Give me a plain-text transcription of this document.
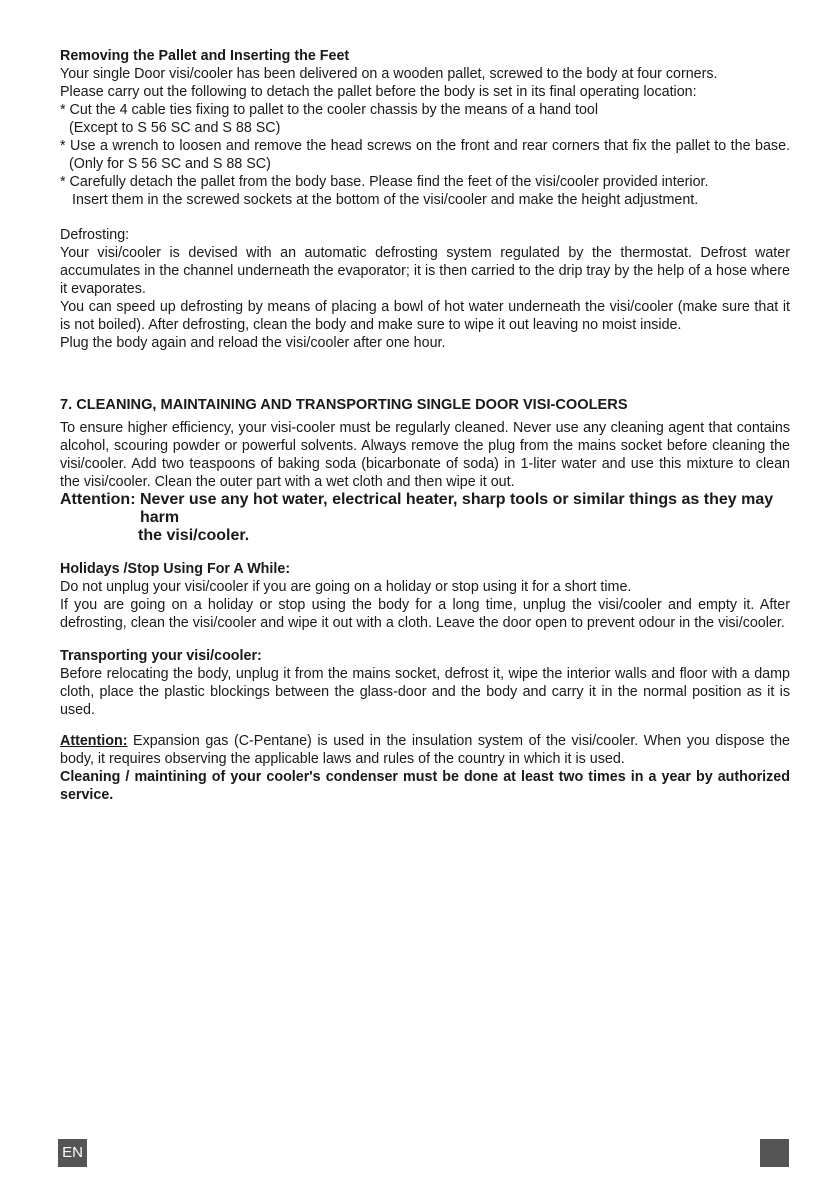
Removing the Pallet and Inserting the Feet

Your single Door visi/cooler has been delivered on a wooden pallet, screwed to the body at four corners.

Please carry out the following to detach the pallet before the body is set in its final operating location:

* Cut the 4 cable ties fixing to pallet to the cooler chassis by the means of a hand tool

(Except to S 56 SC and S 88 SC)

* Use a wrench to loosen and remove the head screws on the front and rear corners that fix the pallet to the base. (Only for S 56 SC and S 88 SC)

* Carefully detach the pallet from the body base. Please find the feet of the visi/cooler provided interior.

Insert them in the screwed sockets at the bottom of the visi/cooler and make the height adjustment.

Defrosting:

Your visi/cooler is devised with an automatic defrosting system regulated by the thermostat. Defrost water accumulates in the channel underneath the evaporator; it is then carried to the drip tray by the help of a hose where it evaporates.

You can speed up defrosting by means of placing a bowl of hot water underneath the visi/cooler (make sure that it is not boiled). After defrosting, clean the body and make sure to wipe it out leaving no moist inside.

Plug the body again and reload the visi/cooler after one hour.

7. CLEANING, MAINTAINING AND TRANSPORTING SINGLE DOOR VISI-COOLERS

To ensure higher efficiency, your visi-cooler must be regularly cleaned. Never use any cleaning agent that contains alcohol, scouring powder or powerful solvents. Always remove the plug from the mains socket before cleaning the visi/cooler. Add two teaspoons of baking soda (bicarbonate of soda) in 1-liter water and use this mixture to clean the visi/cooler. Clean the outer part with a wet cloth and then wipe it out.

Attention: Never use any hot water, electrical heater, sharp tools or similar things as they may harm
the visi/cooler.

Holidays /Stop Using For A While:

Do not unplug your visi/cooler if you are going on a holiday or stop using it for a short time.

If you are going on a holiday or stop using the body for a long time, unplug the visi/cooler and empty it. After defrosting, clean the visi/cooler and wipe it out with a cloth. Leave the door open to prevent odour in the visi/cooler.

Transporting your visi/cooler:

Before relocating the body, unplug it from the mains socket, defrost it, wipe the interior walls and floor with a damp cloth, place the plastic blockings between the glass-door and the body and carry it in the normal position as it is used.

Attention: Expansion gas (C-Pentane) is used in the insulation system of the visi/cooler. When you dispose the body, it requires observing the applicable laws and rules of the country in which it is used.

Cleaning / maintining of your cooler's condenser must be done at least two times in a year by authorized service.

EN
